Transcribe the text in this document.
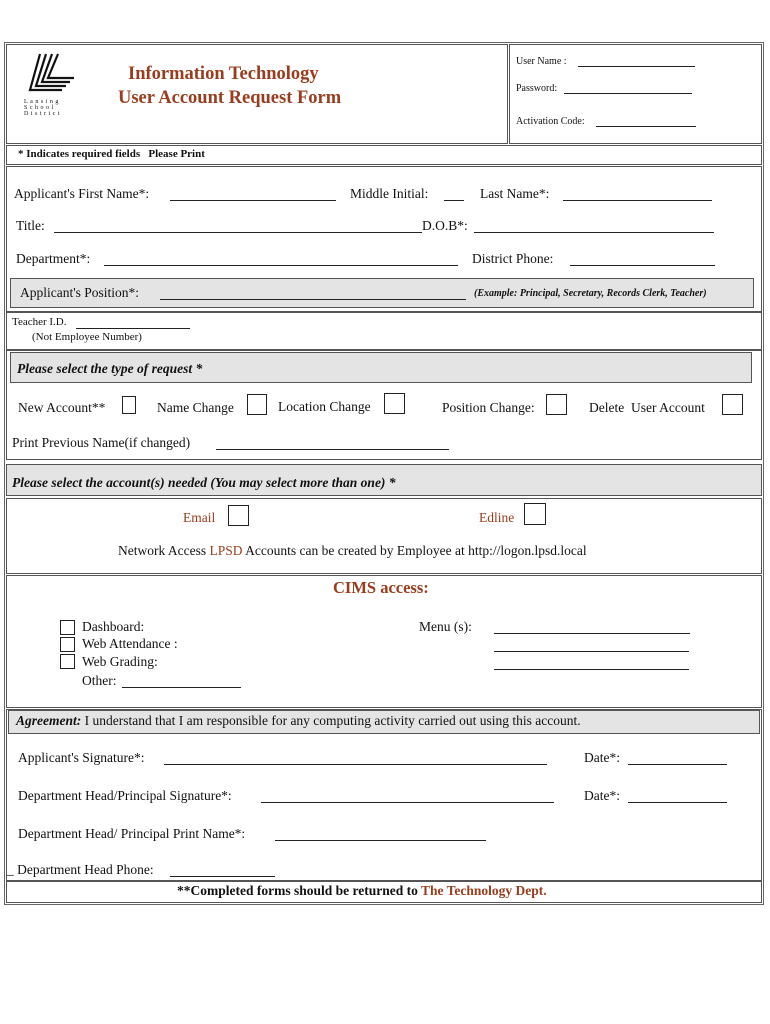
Lansing
School
District
Information Technology
User Account Request Form
User Name :
Password:
Activation Code:
* Indicates required fields   Please Print
Applicant's First Name*:	Middle Initial:	Last Name*:
Title:	D.O.B*:
Department*:	District Phone:
Applicant's Position*:	(Example: Principal, Secretary, Records Clerk, Teacher)
Teacher I.D.
(Not Employee Number)
Please select the type of request *
New Account**	Name Change	Location Change	Position Change:	Delete  User Account
Print Previous Name(if changed)
Please select the account(s) needed (You may select more than one) *
Email	Edline
Network Access LPSD Accounts can be created by Employee at http://logon.lpsd.local
CIMS access:
Dashboard:
Web Attendance :
Web Grading:
Other:
Menu (s):
Agreement: I understand that I am responsible for any computing activity carried out using this account.
Applicant's Signature*:	Date*:
Department Head/Principal Signature*:	Date*:
Department Head/ Principal Print Name*:
_ Department Head Phone:
**Completed forms should be returned to The Technology Dept.
